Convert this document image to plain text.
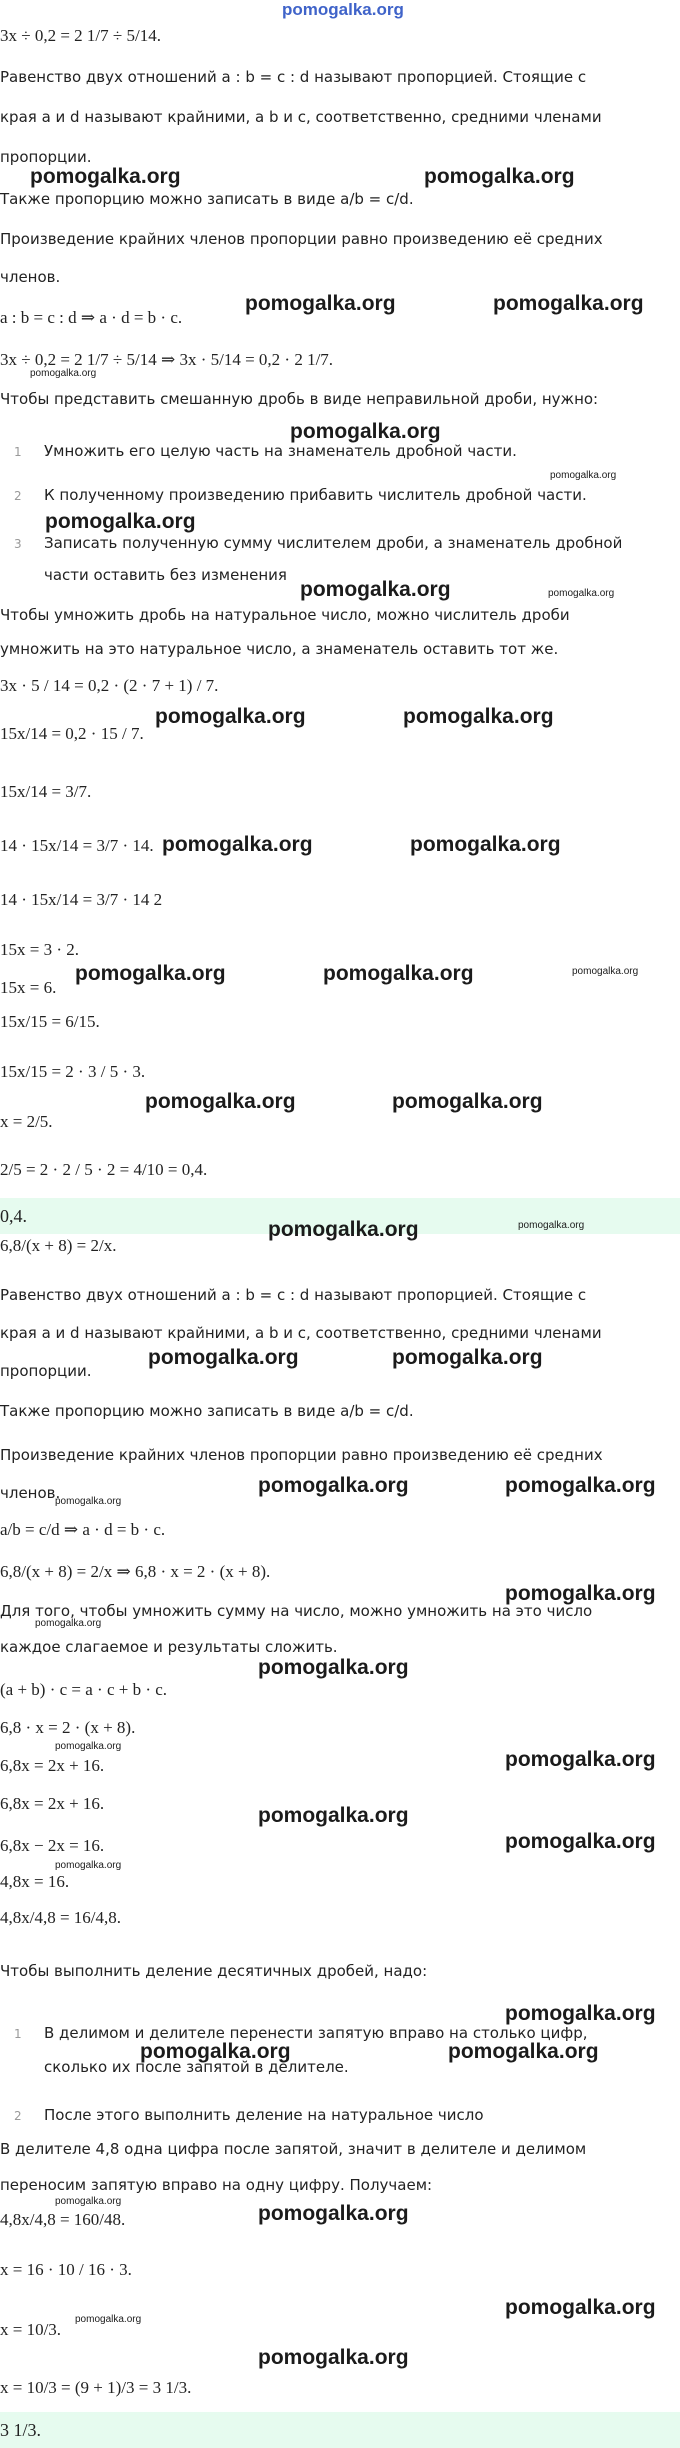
pomogalka.org
3x ÷ 0,2 = 2 1/7 ÷ 5/14.
Равенство двух отношений a : b = c : d называют пропорцией. Стоящие с
края a и d называют крайними, а b и c, соответственно, средними членами
пропорции.
Также пропорцию можно записать в виде a/b = c/d.
Произведение крайних членов пропорции равно произведению её средних
членов.
a : b = c : d ⇒ a · d = b · c.
3x ÷ 0,2 = 2 1/7 ÷ 5/14 ⇒ 3x · 5/14 = 0,2 · 2 1/7.
Чтобы представить смешанную дробь в виде неправильной дроби, нужно:
1 Умножить его целую часть на знаменатель дробной части.
2 К полученному произведению прибавить числитель дробной части.
3 Записать полученную сумму числителем дроби, а знаменатель дробной
части оставить без изменения
Чтобы умножить дробь на натуральное число, можно числитель дроби
умножить на это натуральное число, а знаменатель оставить тот же.
3x · 5 / 14 = 0,2 · (2 · 7 + 1) / 7.
15x/14 = 0,2 · 15 / 7.
15x/14 = 3/7.
14 · 15x/14 = 3/7 · 14.
14 · 15x/14 = 3/7 · 14 2
15x = 3 · 2.
15x = 6.
15x/15 = 6/15.
15x/15 = 2 · 3 / 5 · 3.
x = 2/5.
2/5 = 2 · 2 / 5 · 2 = 4/10 = 0,4.
6,8/(x + 8) = 2/x.
Равенство двух отношений a : b = c : d называют пропорцией. Стоящие с
края a и d называют крайними, а b и c, соответственно, средними членами
пропорции.
Также пропорцию можно записать в виде a/b = c/d.
Произведение крайних членов пропорции равно произведению её средних
членов.
a/b = c/d ⇒ a · d = b · c.
6,8/(x + 8) = 2/x ⇒ 6,8 · x = 2 · (x + 8).
Для того, чтобы умножить сумму на число, можно умножить на это число
каждое слагаемое и результаты сложить.
(a + b) · c = a · c + b · c.
6,8 · x = 2 · (x + 8).
6,8x = 2x + 16.
6,8x = 2x + 16.
6,8x − 2x = 16.
4,8x = 16.
4,8x/4,8 = 16/4,8.
Чтобы выполнить деление десятичных дробей, надо:
1 В делимом и делителе перенести запятую вправо на столько цифр,
сколько их после запятой в делителе.
2 После этого выполнить деление на натуральное число
В делителе 4,8 одна цифра после запятой, значит в делителе и делимом
переносим запятую вправо на одну цифру. Получаем:
4,8x/4,8 = 160/48.
x = 16 · 10 / 16 · 3.
x = 10/3.
x = 10/3 = (9 + 1)/3 = 3 1/3.
0,4.
3 1/3.
pomogalka.org	pomogalka.org
pomogalka.org	pomogalka.org
pomogalka.org
pomogalka.org
pomogalka.org
pomogalka.org
pomogalka.org	pomogalka.org
pomogalka.org	pomogalka.org
pomogalka.org	pomogalka.org
pomogalka.org	pomogalka.org	pomogalka.org
pomogalka.org	pomogalka.org
pomogalka.org	pomogalka.org
pomogalka.org	pomogalka.org
pomogalka.org	pomogalka.org
pomogalka.org
pomogalka.org
pomogalka.org
pomogalka.org
pomogalka.org
pomogalka.org
pomogalka.org
pomogalka.org
pomogalka.org
pomogalka.org
pomogalka.org	pomogalka.org
pomogalka.org
pomogalka.org
pomogalka.org
pomogalka.org
pomogalka.org
